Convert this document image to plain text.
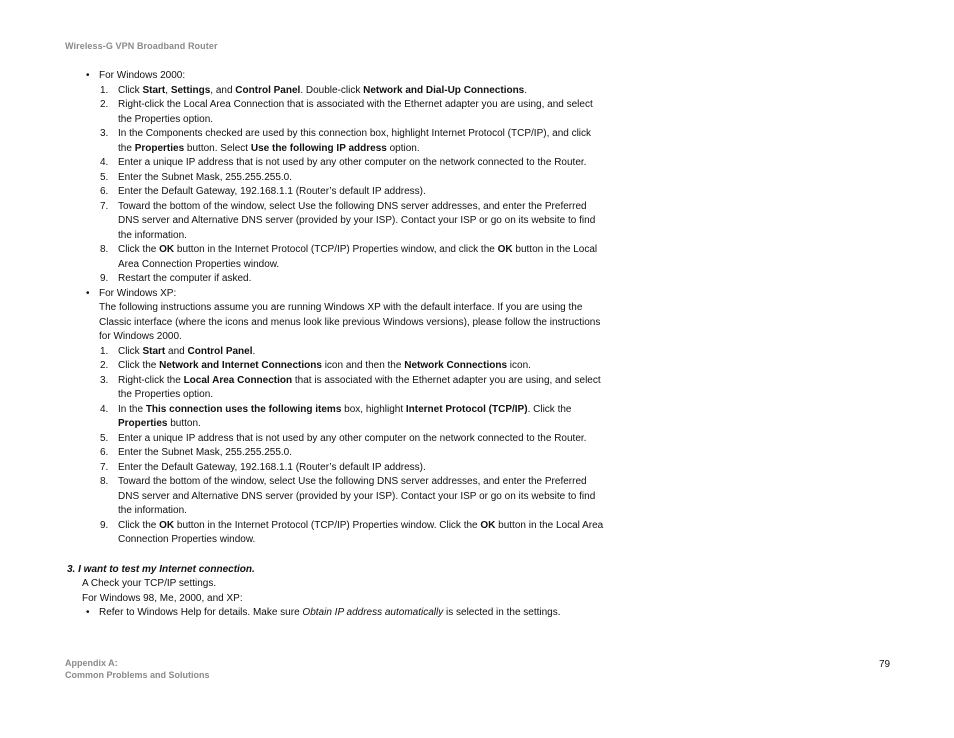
Wireless-G VPN Broadband Router
• For Windows 2000:
1. Click Start, Settings, and Control Panel. Double-click Network and Dial-Up Connections.
2. Right-click the Local Area Connection that is associated with the Ethernet adapter you are using, and select the Properties option.
3. In the Components checked are used by this connection box, highlight Internet Protocol (TCP/IP), and click the Properties button. Select Use the following IP address option.
4. Enter a unique IP address that is not used by any other computer on the network connected to the Router.
5. Enter the Subnet Mask, 255.255.255.0.
6. Enter the Default Gateway, 192.168.1.1 (Router’s default IP address).
7. Toward the bottom of the window, select Use the following DNS server addresses, and enter the Preferred DNS server and Alternative DNS server (provided by your ISP). Contact your ISP or go on its website to find the information.
8. Click the OK button in the Internet Protocol (TCP/IP) Properties window, and click the OK button in the Local Area Connection Properties window.
9. Restart the computer if asked.
• For Windows XP:
The following instructions assume you are running Windows XP with the default interface. If you are using the Classic interface (where the icons and menus look like previous Windows versions), please follow the instructions for Windows 2000.
1. Click Start and Control Panel.
2. Click the Network and Internet Connections icon and then the Network Connections icon.
3. Right-click the Local Area Connection that is associated with the Ethernet adapter you are using, and select the Properties option.
4. In the This connection uses the following items box, highlight Internet Protocol (TCP/IP). Click the Properties button.
5. Enter a unique IP address that is not used by any other computer on the network connected to the Router.
6. Enter the Subnet Mask, 255.255.255.0.
7. Enter the Default Gateway, 192.168.1.1 (Router’s default IP address).
8. Toward the bottom of the window, select Use the following DNS server addresses, and enter the Preferred DNS server and Alternative DNS server (provided by your ISP). Contact your ISP or go on its website to find the information.
9. Click the OK button in the Internet Protocol (TCP/IP) Properties window. Click the OK button in the Local Area Connection Properties window.
3. I want to test my Internet connection.
A Check your TCP/IP settings.
For Windows 98, Me, 2000, and XP:
• Refer to Windows Help for details. Make sure Obtain IP address automatically is selected in the settings.
Appendix A:
Common Problems and Solutions
79
